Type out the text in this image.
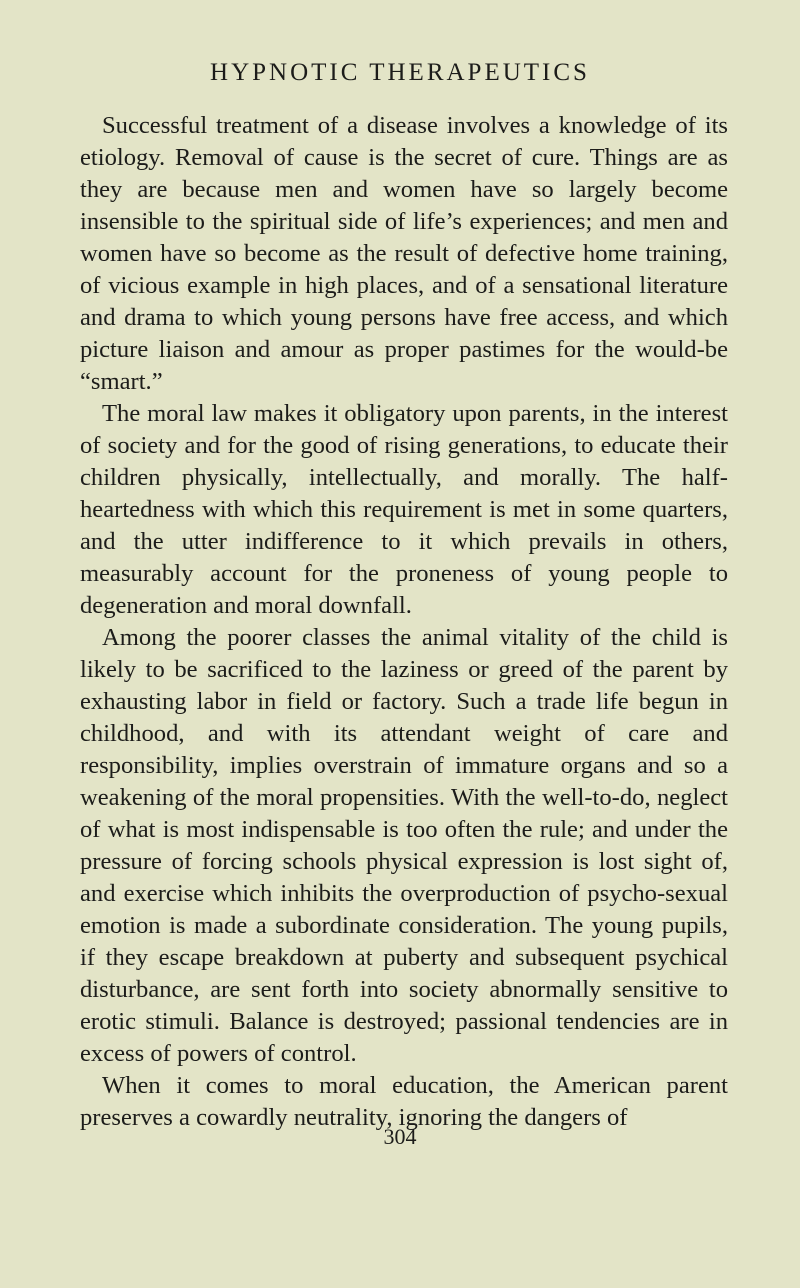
HYPNOTIC THERAPEUTICS

Successful treatment of a disease involves a knowledge of its etiology. Removal of cause is the secret of cure. Things are as they are because men and women have so largely become insensible to the spiritual side of life’s experiences; and men and women have so become as the result of defective home training, of vicious example in high places, and of a sensational literature and drama to which young persons have free access, and which picture liaison and amour as proper pastimes for the would-be “smart.”

The moral law makes it obligatory upon parents, in the interest of society and for the good of rising generations, to educate their children physically, intellectually, and morally. The half-heartedness with which this requirement is met in some quarters, and the utter indifference to it which prevails in others, measurably account for the proneness of young people to degeneration and moral downfall.

Among the poorer classes the animal vitality of the child is likely to be sacrificed to the laziness or greed of the parent by exhausting labor in field or factory. Such a trade life begun in childhood, and with its attendant weight of care and responsibility, implies overstrain of immature organs and so a weakening of the moral propensities. With the well-to-do, neglect of what is most indispensable is too often the rule; and under the pressure of forcing schools physical expression is lost sight of, and exercise which inhibits the overproduction of psycho-sexual emotion is made a subordinate consideration. The young pupils, if they escape breakdown at puberty and subsequent psychical disturbance, are sent forth into society abnormally sensitive to erotic stimuli. Balance is destroyed; passional tendencies are in excess of powers of control.

When it comes to moral education, the American parent preserves a cowardly neutrality, ignoring the dangers of

304
